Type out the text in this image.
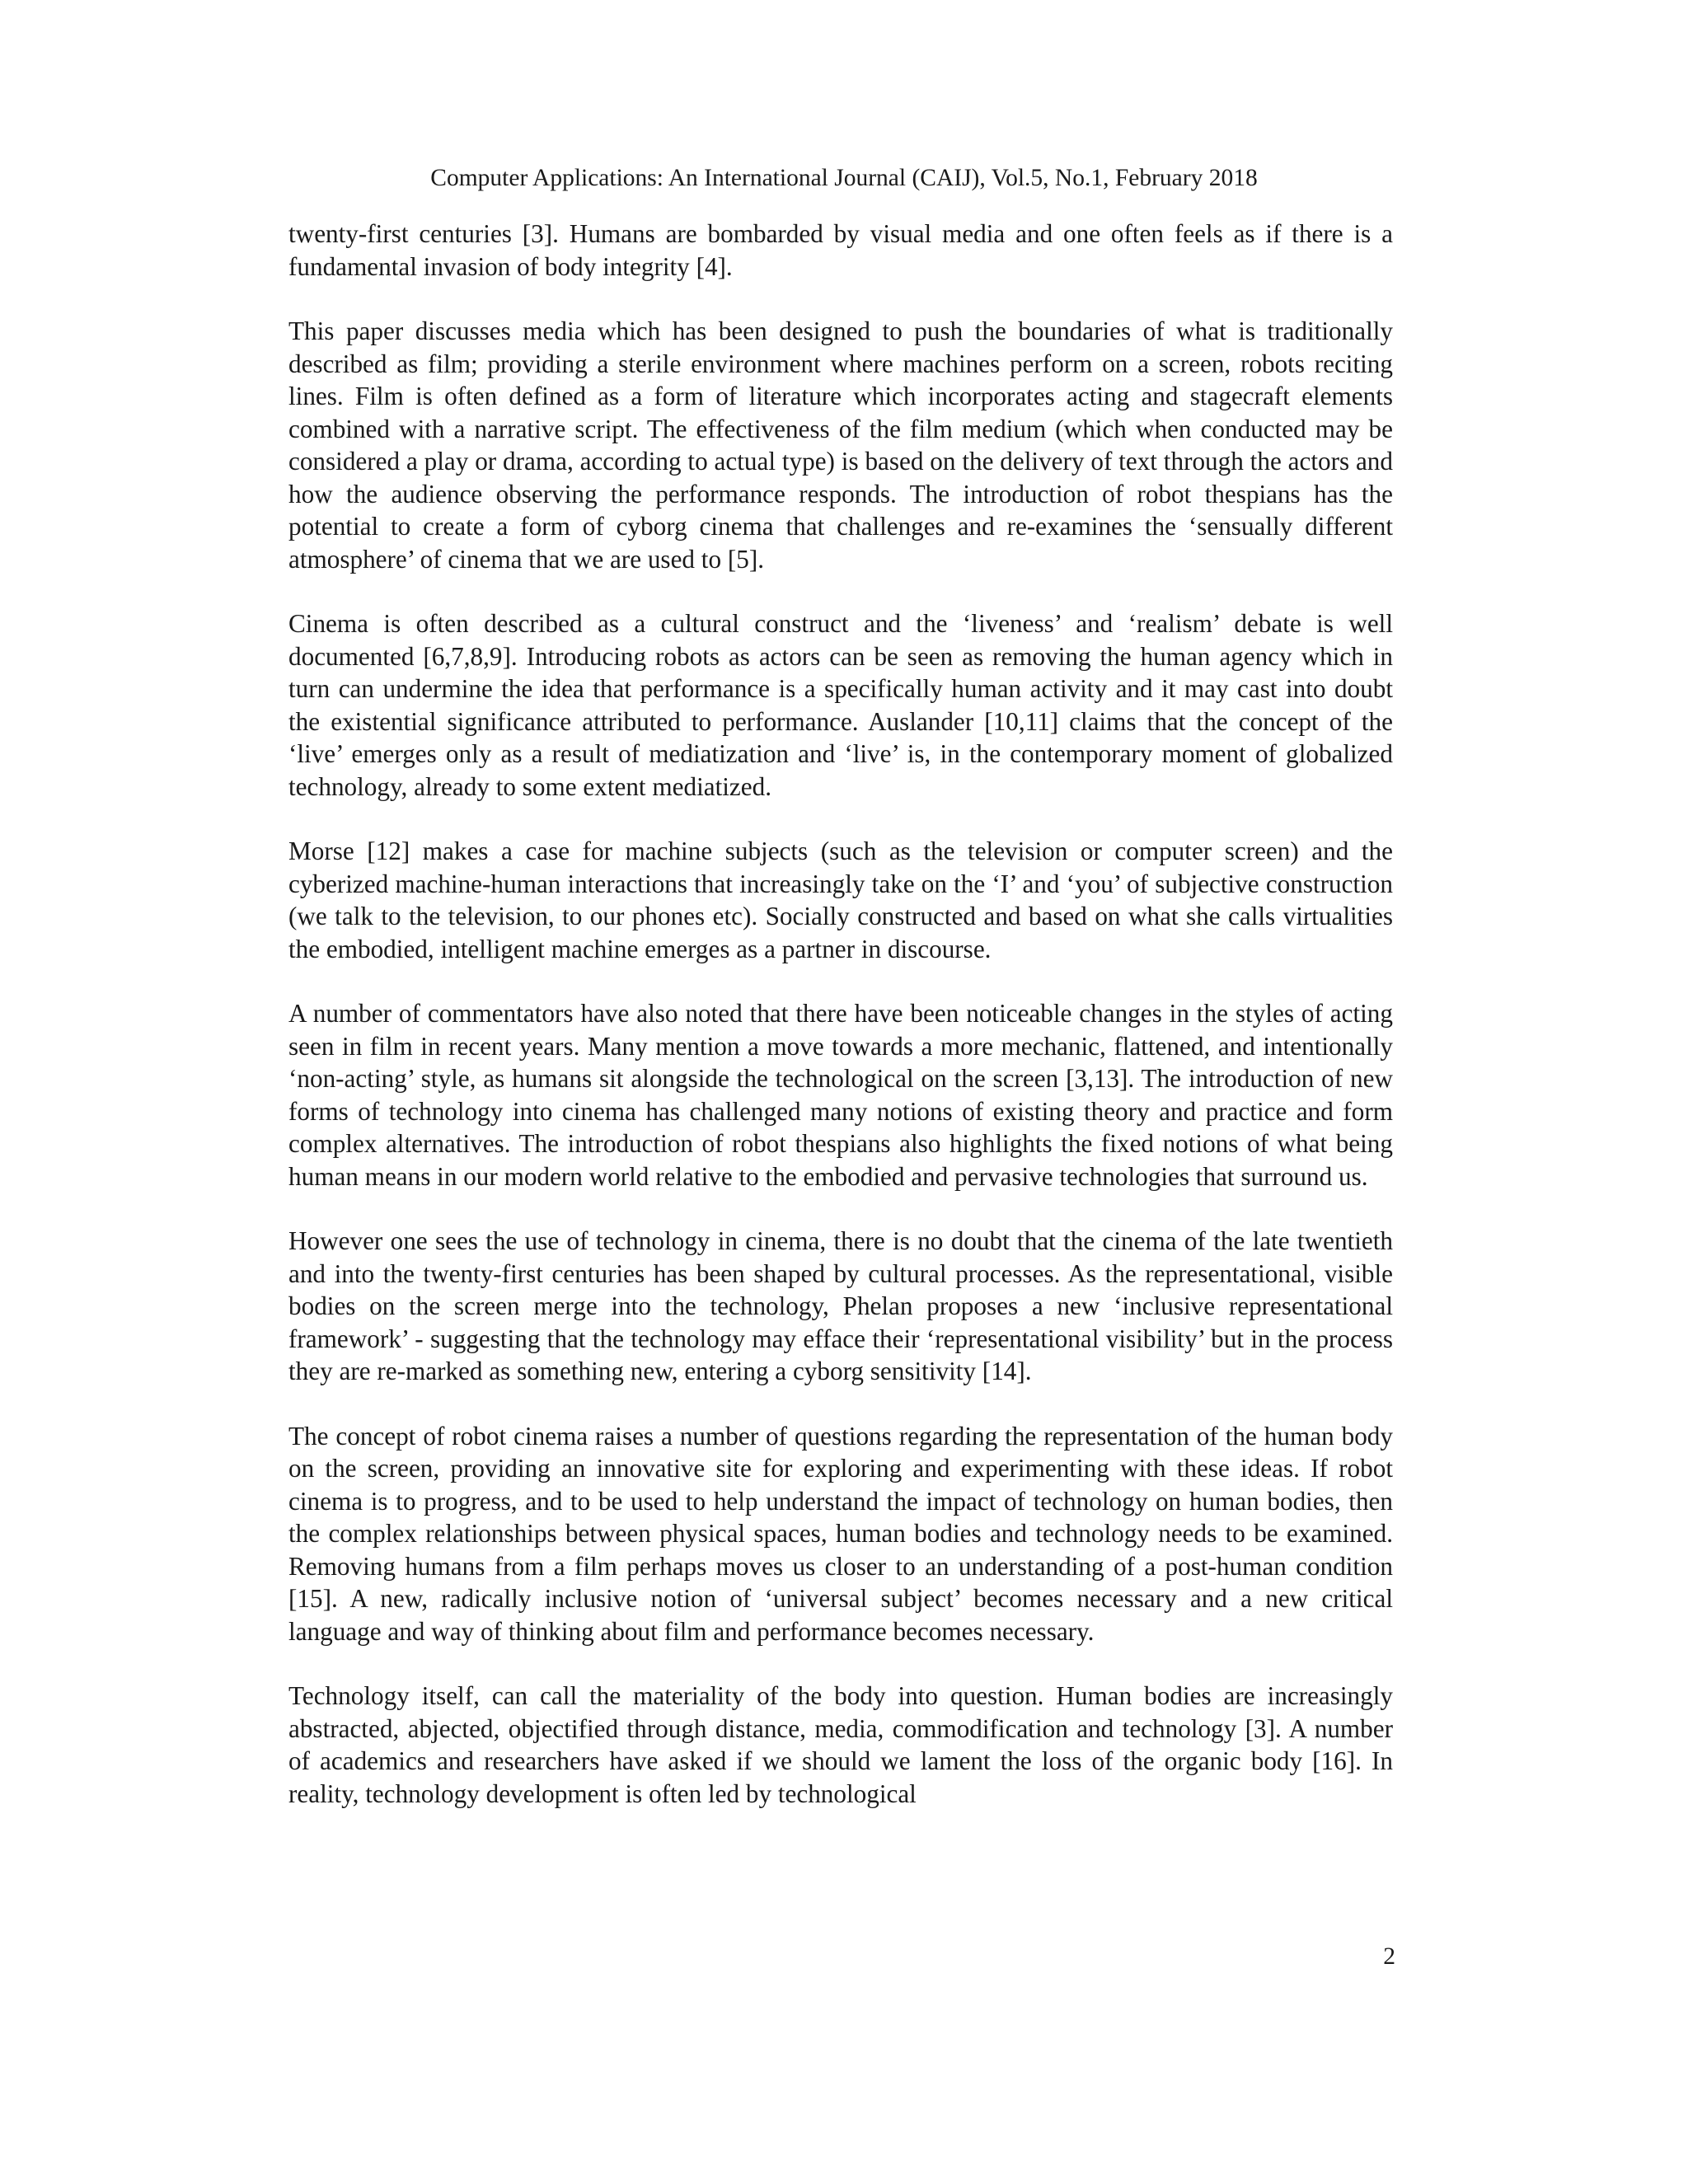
Computer Applications: An International Journal (CAIJ), Vol.5, No.1, February 2018

twenty-first centuries [3]. Humans are bombarded by visual media and one often feels as if there is a fundamental invasion of body integrity [4].

This paper discusses media which has been designed to push the boundaries of what is traditionally described as film; providing a sterile environment where machines perform on a screen, robots reciting lines. Film is often defined as a form of literature which incorporates acting and stagecraft elements combined with a narrative script. The effectiveness of the film medium (which when conducted may be considered a play or drama, according to actual type) is based on the delivery of text through the actors and how the audience observing the performance responds. The introduction of robot thespians has the potential to create a form of cyborg cinema that challenges and re-examines the ‘sensually different atmosphere’ of cinema that we are used to [5].

Cinema is often described as a cultural construct and the ‘liveness’ and ‘realism’ debate is well documented [6,7,8,9]. Introducing robots as actors can be seen as removing the human agency which in turn can undermine the idea that performance is a specifically human activity and it may cast into doubt the existential significance attributed to performance. Auslander [10,11] claims that the concept of the ‘live’ emerges only as a result of mediatization and ‘live’ is, in the contemporary moment of globalized technology, already to some extent mediatized.

Morse [12] makes a case for machine subjects (such as the television or computer screen) and the cyberized machine-human interactions that increasingly take on the ‘I’ and ‘you’ of subjective construction (we talk to the television, to our phones etc). Socially constructed and based on what she calls virtualities the embodied, intelligent machine emerges as a partner in discourse.

A number of commentators have also noted that there have been noticeable changes in the styles of acting seen in film in recent years. Many mention a move towards a more mechanic, flattened, and intentionally ‘non-acting’ style, as humans sit alongside the technological on the screen [3,13]. The introduction of new forms of technology into cinema has challenged many notions of existing theory and practice and form complex alternatives. The introduction of robot thespians also highlights the fixed notions of what being human means in our modern world relative to the embodied and pervasive technologies that surround us.

However one sees the use of technology in cinema, there is no doubt that the cinema of the late twentieth and into the twenty-first centuries has been shaped by cultural processes. As the representational, visible bodies on the screen merge into the technology, Phelan proposes a new ‘inclusive representational framework’ - suggesting that the technology may efface their ‘representational visibility’ but in the process they are re-marked as something new, entering a cyborg sensitivity [14].

The concept of robot cinema raises a number of questions regarding the representation of the human body on the screen, providing an innovative site for exploring and experimenting with these ideas. If robot cinema is to progress, and to be used to help understand the impact of technology on human bodies, then the complex relationships between physical spaces, human bodies and technology needs to be examined. Removing humans from a film perhaps moves us closer to an understanding of a post-human condition [15]. A new, radically inclusive notion of ‘universal subject’ becomes necessary and a new critical language and way of thinking about film and performance becomes necessary.

Technology itself, can call the materiality of the body into question. Human bodies are increasingly abstracted, abjected, objectified through distance, media, commodification and technology [3]. A number of academics and researchers have asked if we should we lament the loss of the organic body [16]. In reality, technology development is often led by technological

2
